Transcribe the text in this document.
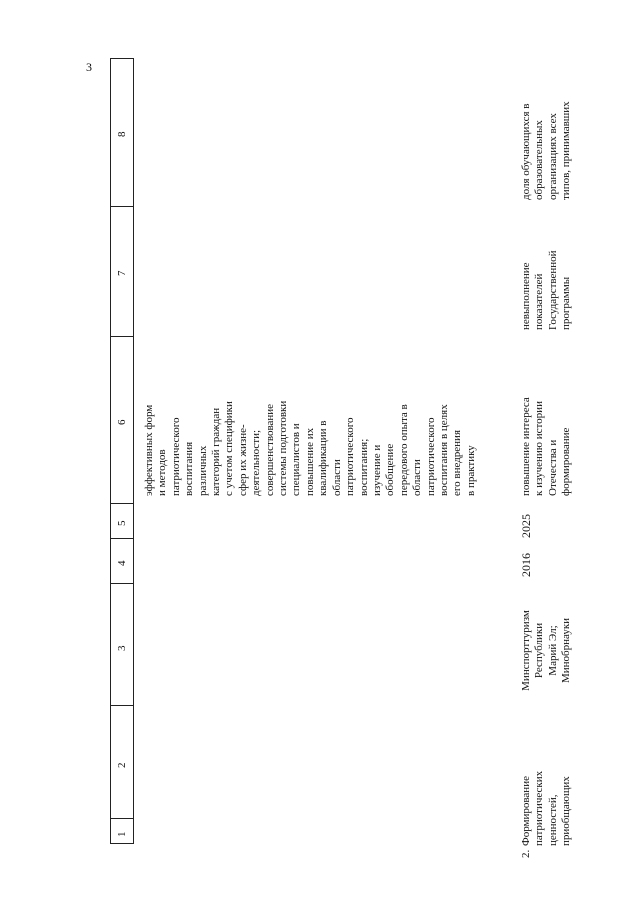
3
1
2
3
4
5
6
7
8
эффективных форм и методов патриотического воспитания различных категорий граждан с учетом специфики сфер их жизне- деятельности; совершенствование системы подготовки специалистов и повышение их квалификации в области патриотического воспитания; изучение и обобщение передового опыта в области патриотического воспитания в целях его внедрения в практику
2.
Формирование патриотических ценностей, приобщающих
Минспорттуризм Республики Марий Эл; Минобрнауки
2016
2025
повышение интереса к изучению истории Отечества и формирование
невыполнение показателей Государственной программы
доля обучающихся в образовательных организациях всех типов, принимавших
